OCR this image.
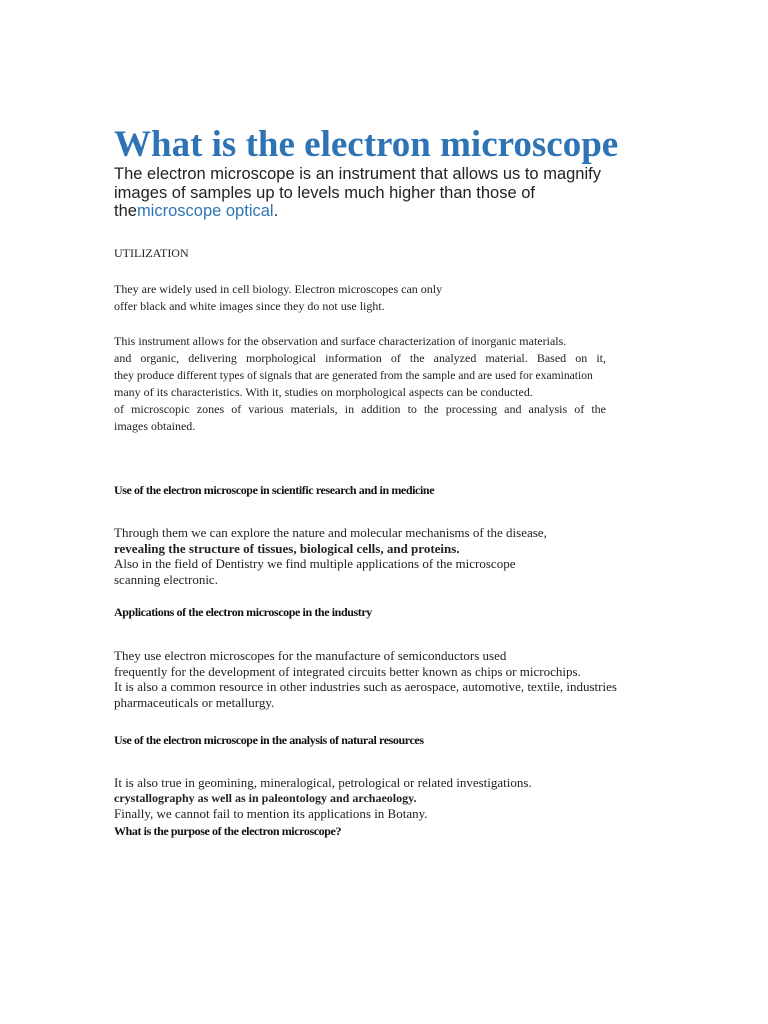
What is the electron microscope

The electron microscope is an instrument that allows us to magnify images of samples up to levels much higher than those of themicroscope optical.

UTILIZATION
They are widely used in cell biology. Electron microscopes can only
offer black and white images since they do not use light.
This instrument allows for the observation and surface characterization of inorganic materials.
and organic, delivering morphological information of the analyzed material. Based on it,
they produce different types of signals that are generated from the sample and are used for examination
many of its characteristics. With it, studies on morphological aspects can be conducted.
of microscopic zones of various materials, in addition to the processing and analysis of the
images obtained.
Use of the electron microscope in scientific research and in medicine
Through them we can explore the nature and molecular mechanisms of the disease,
revealing the structure of tissues, biological cells, and proteins.
Also in the field of Dentistry we find multiple applications of the microscope
scanning electronic.
Applications of the electron microscope in the industry
They use electron microscopes for the manufacture of semiconductors used
frequently for the development of integrated circuits better known as chips or microchips.
It is also a common resource in other industries such as aerospace, automotive, textile, industries
pharmaceuticals or metallurgy.
Use of the electron microscope in the analysis of natural resources
It is also true in geomining, mineralogical, petrological or related investigations.
crystallography as well as in paleontology and archaeology.
Finally, we cannot fail to mention its applications in Botany.
What is the purpose of the electron microscope?
